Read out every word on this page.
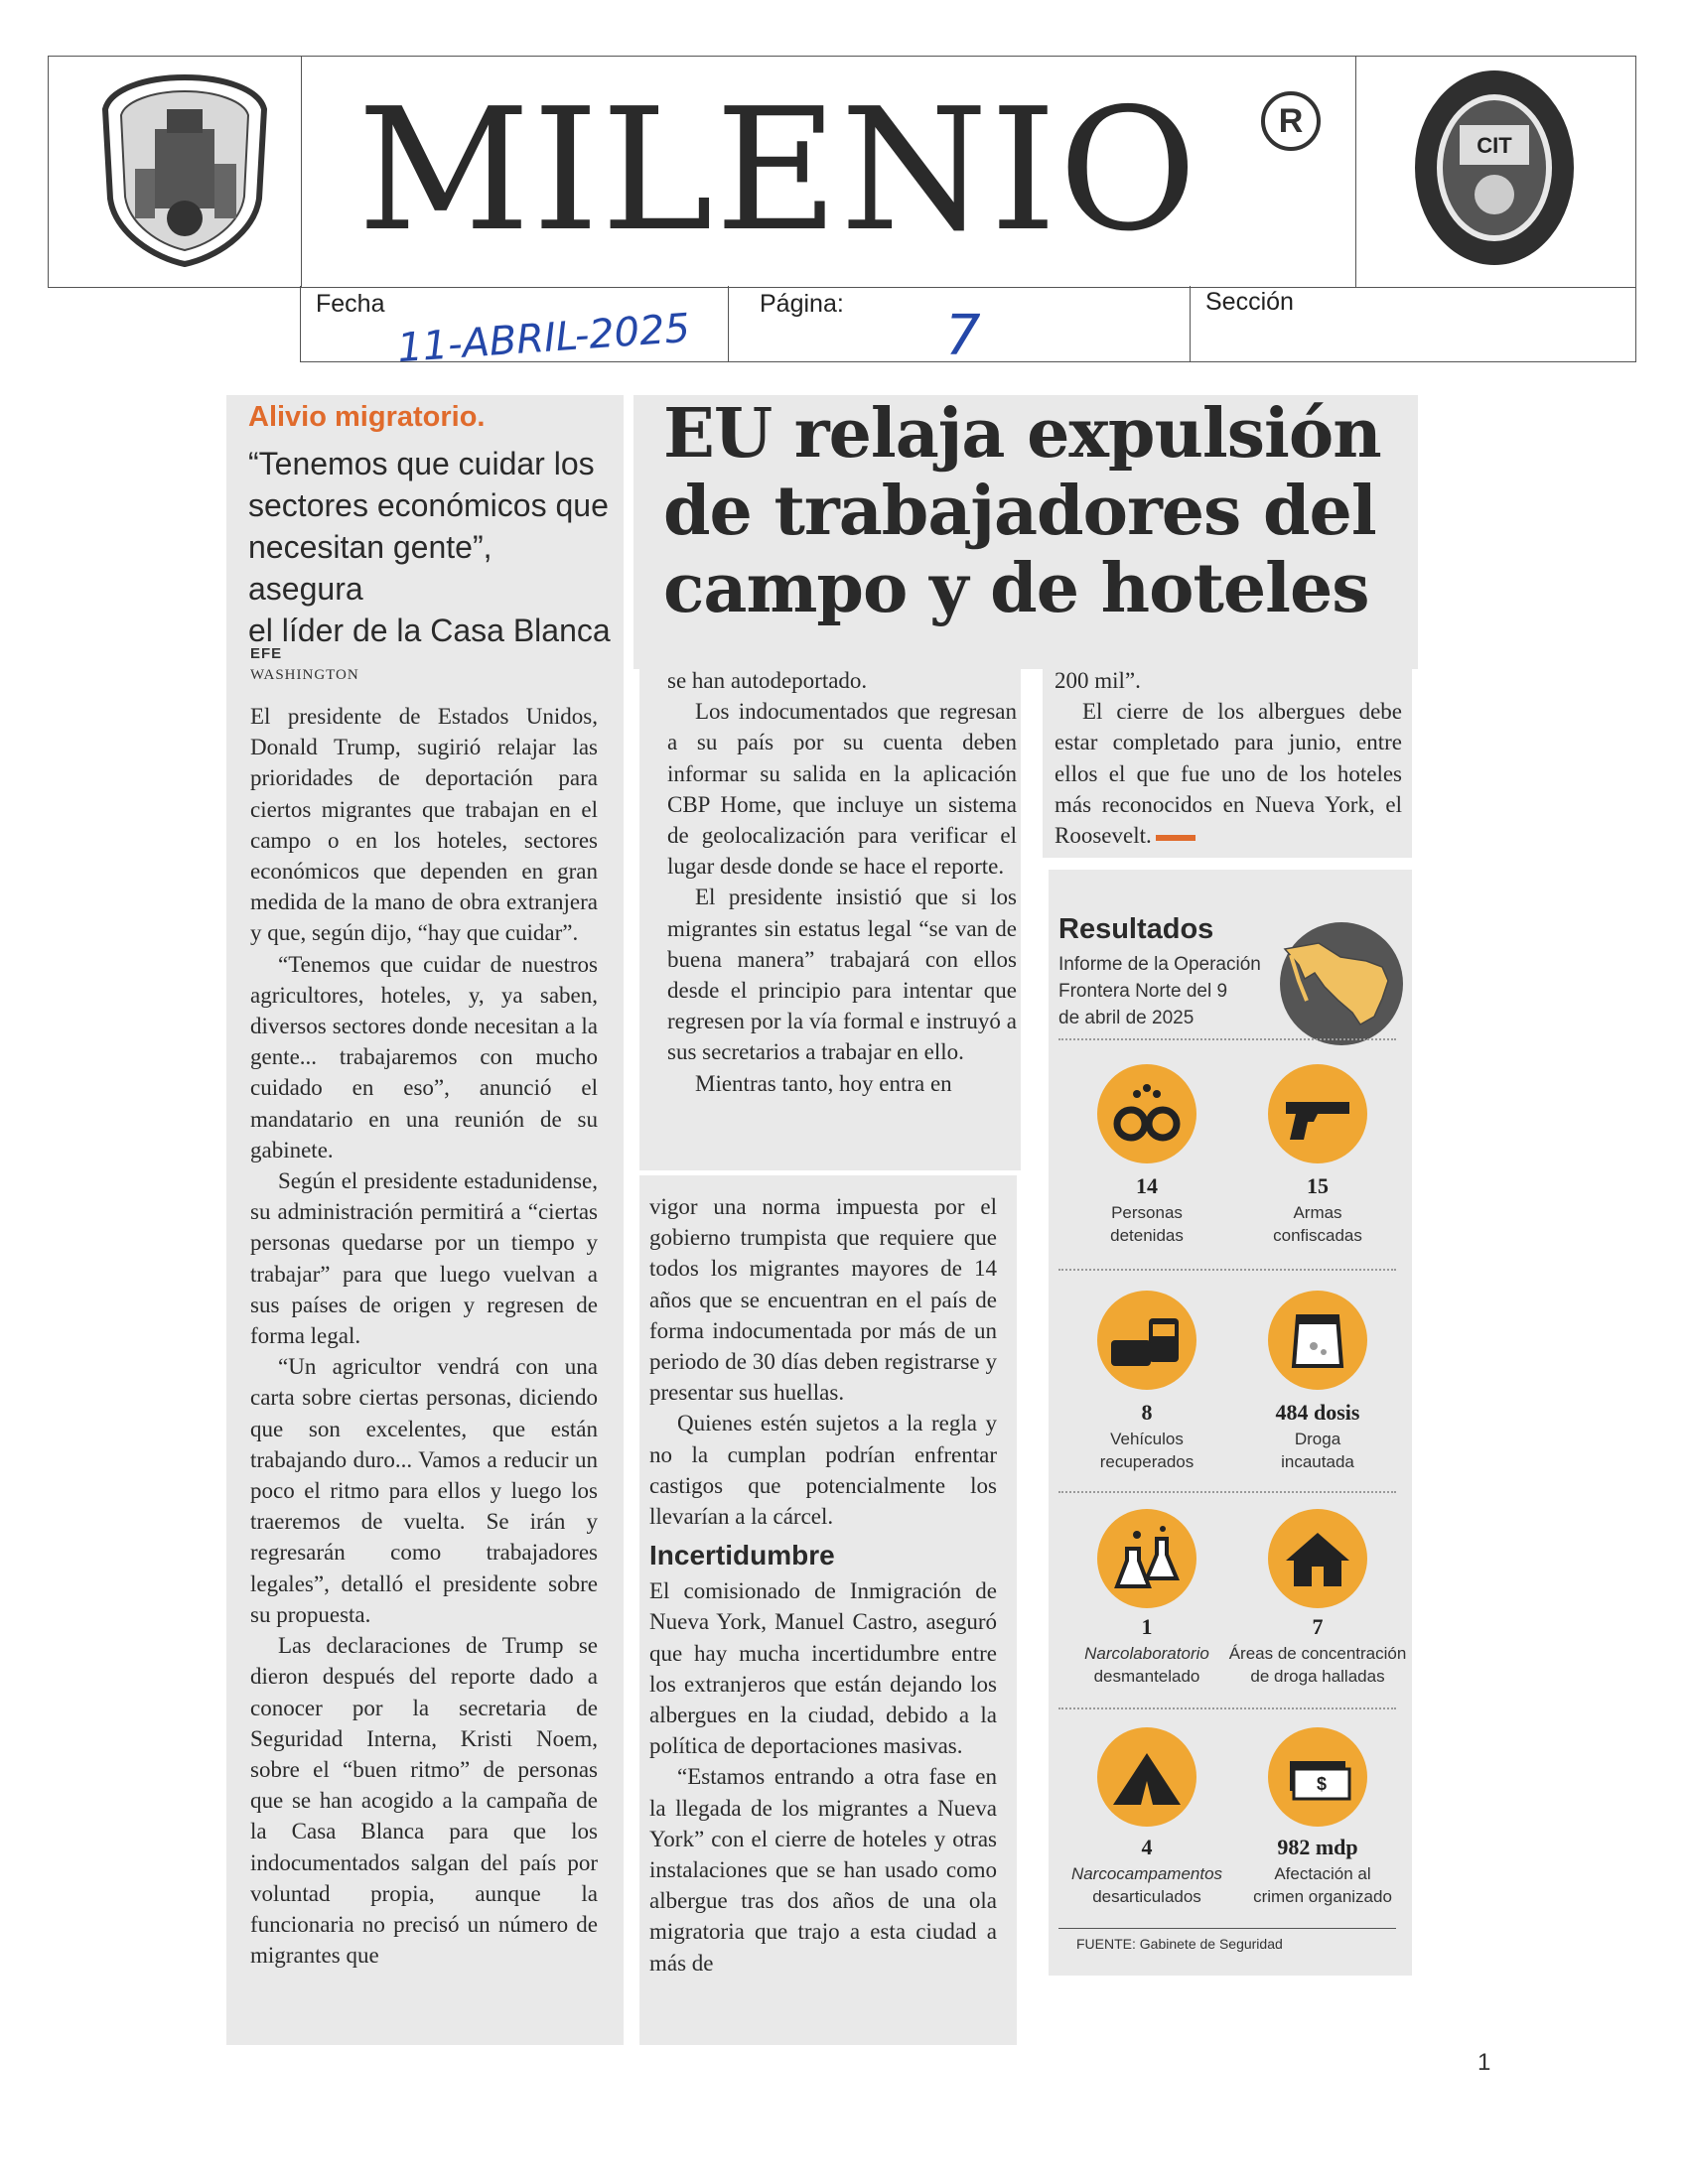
MILENIO	R
CIT
Fecha
11-ABRIL-2025
Página: 7
Sección
Alivio migratorio.
“Tenemos que cuidar los
sectores económicos que
necesitan gente”, asegura
el líder de la Casa Blanca
EFE
WASHINGTON

El presidente de Estados Unidos, Donald Trump, sugirió relajar las prioridades de deportación para ciertos migrantes que trabajan en el campo o en los hoteles, sectores económicos que dependen en gran medida de la mano de obra extranjera y que, según dijo, “hay que cuidar”.

“Tenemos que cuidar de nuestros agricultores, hoteles, y, ya saben, diversos sectores donde necesitan a la gente... trabajaremos con mucho cuidado en eso”, anunció el mandatario en una reunión de su gabinete.

Según el presidente estadunidense, su administración permitirá a “ciertas personas quedarse por un tiempo y trabajar” para que luego vuelvan a sus países de origen y regresen de forma legal.

“Un agricultor vendrá con una carta sobre ciertas personas, diciendo que son excelentes, que están trabajando duro... Vamos a reducir un poco el ritmo para ellos y luego los traeremos de vuelta. Se irán y regresarán como trabajadores legales”, detalló el presidente sobre su propuesta.

Las declaraciones de Trump se dieron después del reporte dado a conocer por la secretaria de Seguridad Interna, Kristi Noem, sobre el “buen ritmo” de personas que se han acogido a la campaña de la Casa Blanca para que los indocumentados salgan del país por voluntad propia, aunque la funcionaria no precisó un número de migrantes que

EU relaja expulsión
de trabajadores del
campo y de hoteles

se han autodeportado.

Los indocumentados que regresan a su país por su cuenta deben informar su salida en la aplicación CBP Home, que incluye un sistema de geolocalización para verificar el lugar desde donde se hace el reporte.

El presidente insistió que si los migrantes sin estatus legal “se van de buena manera” trabajará con ellos desde el principio para intentar que regresen por la vía formal e instruyó a sus secretarios a trabajar en ello.

Mientras tanto, hoy entra en

vigor una norma impuesta por el gobierno trumpista que requiere que todos los migrantes mayores de 14 años que se encuentran en el país de forma indocumentada por más de un periodo de 30 días deben registrarse y presentar sus huellas.

Quienes estén sujetos a la regla y no la cumplan podrían enfrentar castigos que potencialmente los llevarían a la cárcel.

Incertidumbre

El comisionado de Inmigración de Nueva York, Manuel Castro, aseguró que hay mucha incertidumbre entre los extranjeros que están dejando los albergues en la ciudad, debido a la política de deportaciones masivas.

“Estamos entrando a otra fase en la llegada de los migrantes a Nueva York” con el cierre de hoteles y otras instalaciones que se han usado como albergue tras dos años de una ola migratoria que trajo a esta ciudad a más de

200 mil”.

El cierre de los albergues debe estar completado para junio, entre ellos el que fue uno de los hoteles más reconocidos en Nueva York, el Roosevelt.

Resultados
Informe de la Operación
Frontera Norte del 9
de abril de 2025
14
Personas
detenidas
15
Armas
confiscadas
8
Vehículos
recuperados
484 dosis
Droga
incautada
1
Narcolaboratorio
desmantelado
7
Áreas de concentración
de droga halladas
4
Narcocampamentos
desarticulados
$
982 mdp
Afectación al
crimen organizado
FUENTE: Gabinete de Seguridad
1
